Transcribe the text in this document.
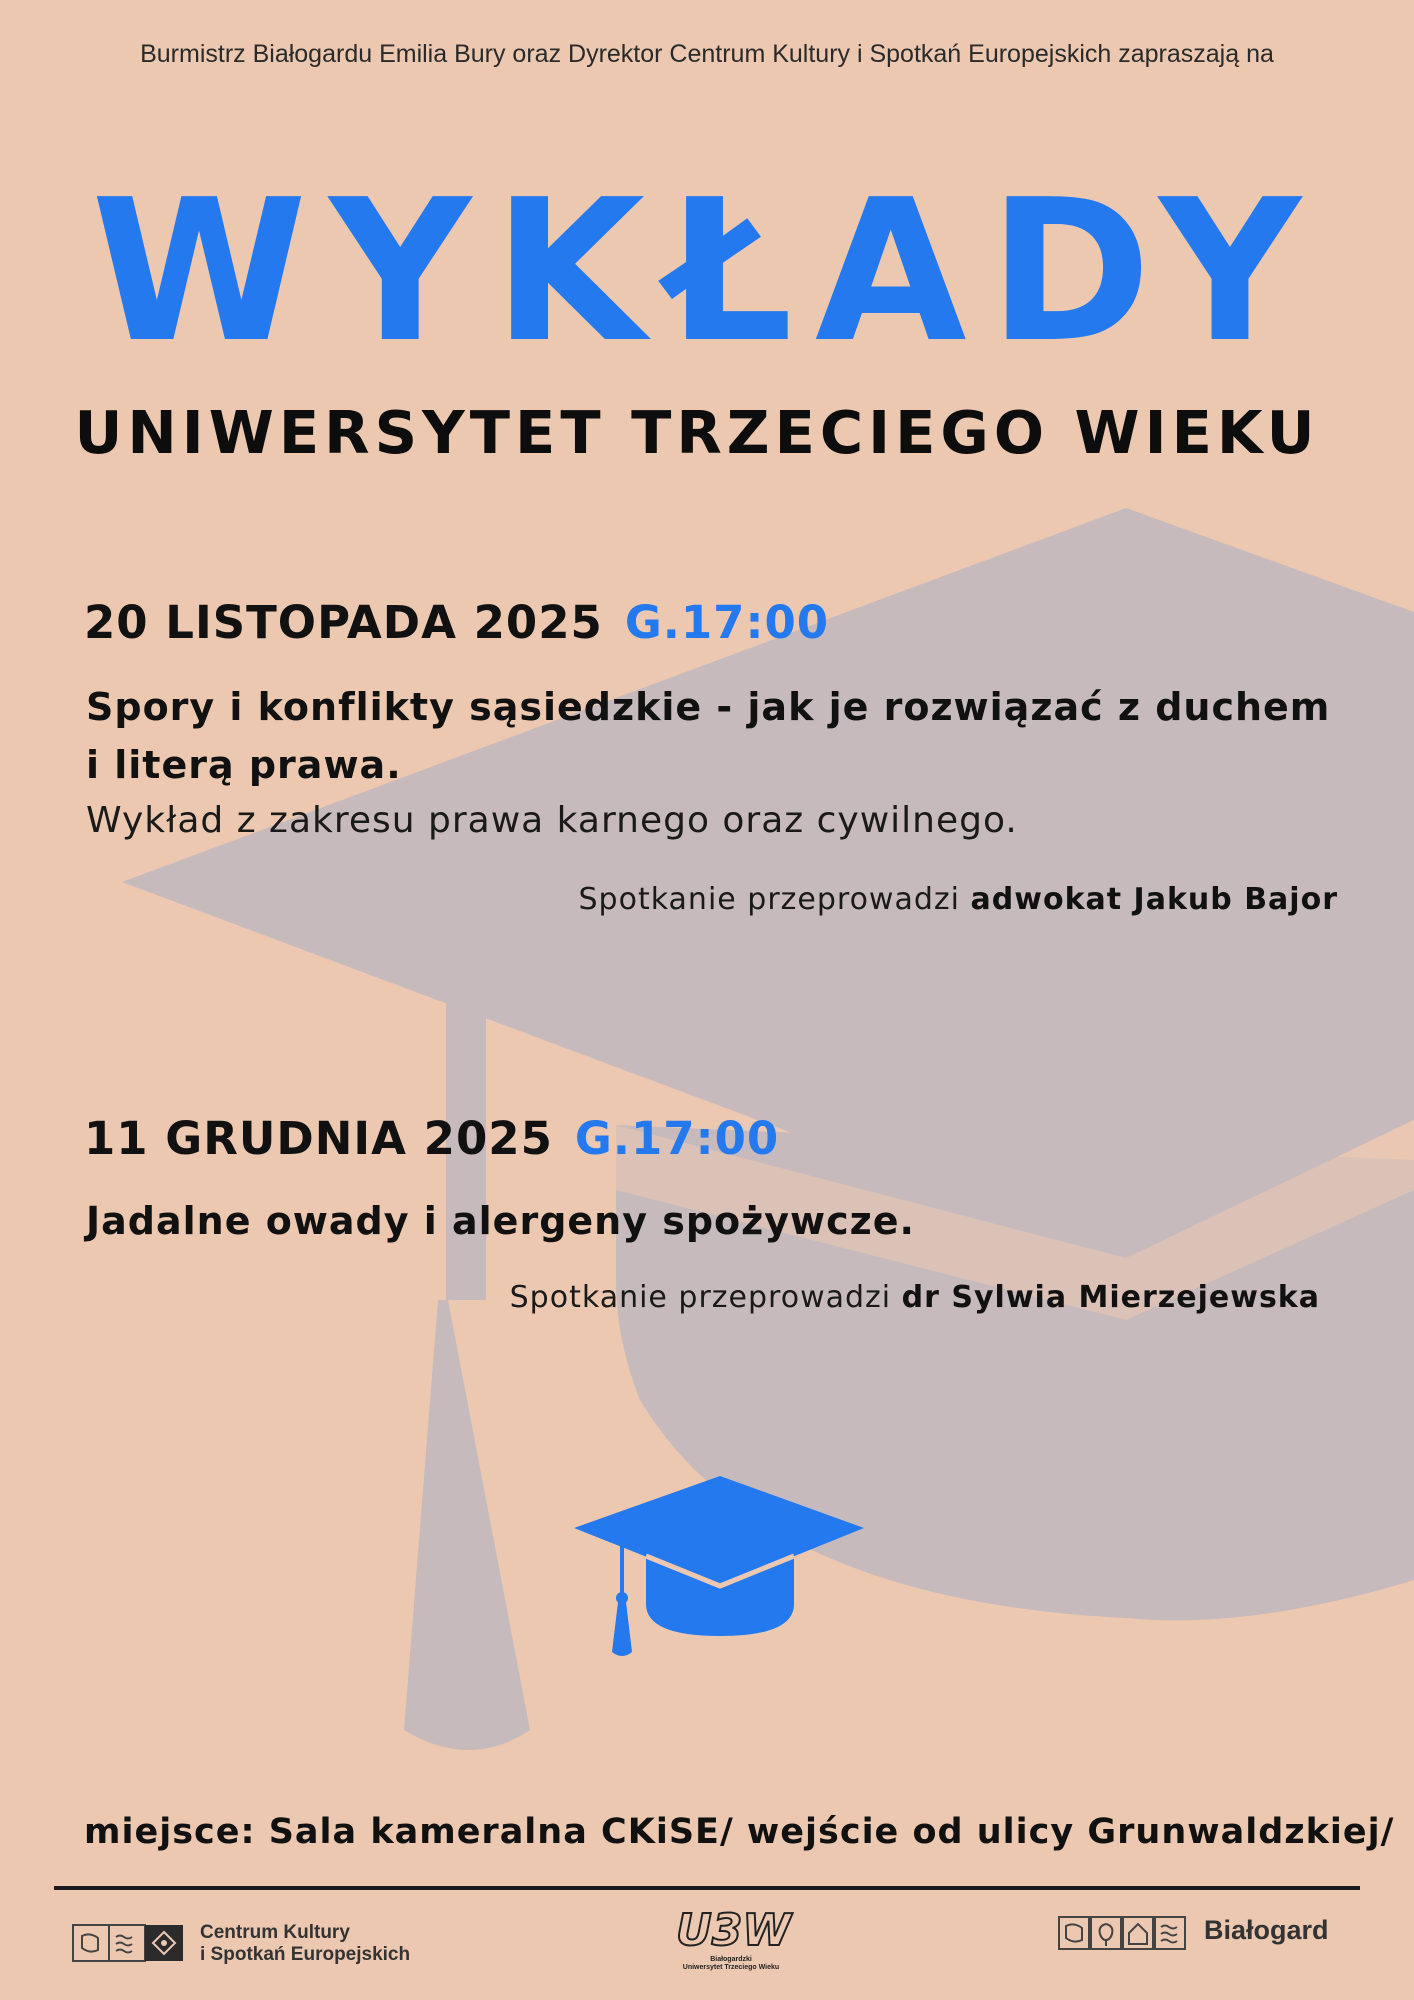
Burmistrz Białogardu Emilia Bury oraz Dyrektor Centrum Kultury i Spotkań Europejskich zapraszają na
WYKŁADY
UNIWERSYTET TRZECIEGO WIEKU
20 LISTOPADA 2025 G.17:00
Spory i konflikty sąsiedzkie - jak je rozwiązać z duchem i literą prawa.
Wykład z zakresu prawa karnego oraz cywilnego.
Spotkanie przeprowadzi adwokat Jakub Bajor
11 GRUDNIA 2025 G.17:00
Jadalne owady i alergeny spożywcze.
Spotkanie przeprowadzi dr Sylwia Mierzejewska
miejsce: Sala kameralna CKiSE/ wejście od ulicy Grunwaldzkiej/
Centrum Kultury
i Spotkań Europejskich	U3W
Białogardzki
Uniwersytet Trzeciego Wieku
Białogard
